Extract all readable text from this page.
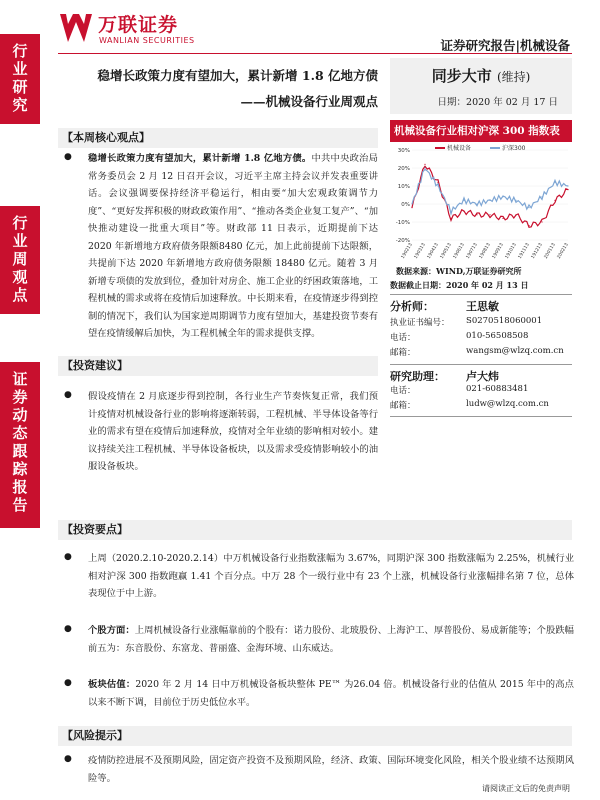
万联证券
WANLIAN SECURITIES	证券研究报告|机械设备
行
业
研
究
行
业
周
观
点
证
券
动
态
跟
踪
报
告
稳增长政策力度有望加大，累计新增 1.8 亿地方债
——机械设备行业周观点
同步大市 (维持)
日期：2020 年 02 月 17 日
机械设备行业相对沪深 300 指数表
30%
20%
10%
0%
-10%
-20%
190213 190313 190413 190513 190613 190713 190813 190913 191013 191113 191213 200113 200213
机械设备	沪深300
数据来源：WIND,万联证券研究所
数据截止日期：2020 年 02 月 13 日
分析师：	王思敏
执业证书编号： S0270518060001
电话：	010-56508508
邮箱：	wangsm@wlzq.com.cn
研究助理： 卢大炜
电话：	021-60883481
邮箱：	ludw@wlzq.com.cn
【本周核心观点】
● 稳增长政策力度有望加大，累计新增 1.8 亿地方债。中共中央政治局常务委员会 2 月 12 日召开会议，习近平主席主持会议并发表重要讲话。会议强调要保持经济平稳运行，相由要“加大宏观政策调节力度”、“更好发挥积极的财政政策作用”、“推动各类企业复工复产”、“加快推动建设一批重大项目”等。财政部 11 日表示，近期提前下达 2020 年新增地方政府债务限额8480 亿元，加上此前提前下达限额，共提前下达 2020 年新增地方政府债务限额 18480 亿元。随着 3 月新增专项债的发放到位，叠加针对房企、施工企业的纾困政策落地，工程机械的需求或将在疫情后加速释放。中长期来看，在疫情逐步得到控制的情况下，我们认为国家逆周期调节力度有望加大，基建投资节奏有望在疫情缓解后加快，为工程机械全年的需求提供支撑。
【投资建议】
● 假设疫情在 2 月底逐步得到控制，各行业生产节奏恢复正常，我们预计疫情对机械设备行业的影响将逐渐转弱，工程机械、半导体设备等行业的需求有望在疫情后加速释放，疫情对全年业绩的影响相对较小。建议持续关注工程机械、半导体设备板块，以及需求受疫情影响较小的油服设备板块。
【投资要点】
● 上周（2020.2.10-2020.2.14）中万机械设备行业指数涨幅为 3.67%，同期沪深 300 指数涨幅为 2.25%，机械行业相对沪深 300 指数跑赢 1.41 个百分点。中万 28 个一级行业中有 23 个上涨，机械设备行业涨幅排名第 7 位，总体表现位于中上游。
● 个股方面：上周机械设备行业涨幅靠前的个股有：诺力股份、北玻股份、上海沪工、厚普股份、易成新能等；个股跌幅前五为：东音股份、东富龙、普丽盛、金海环境、山东威达。
● 板块估值：2020 年 2 月 14 日中万机械设备板块整体 PE™ 为26.04 倍。机械设备行业的估值从 2015 年中的高点以来不断下调，目前位于历史低位水平。
【风险提示】
● 疫情防控进展不及预期风险，固定资产投资不及预期风险，经济、政策、国际环境变化风险，相关个股业绩不达预期风险等。
请阅读正文后的免责声明
